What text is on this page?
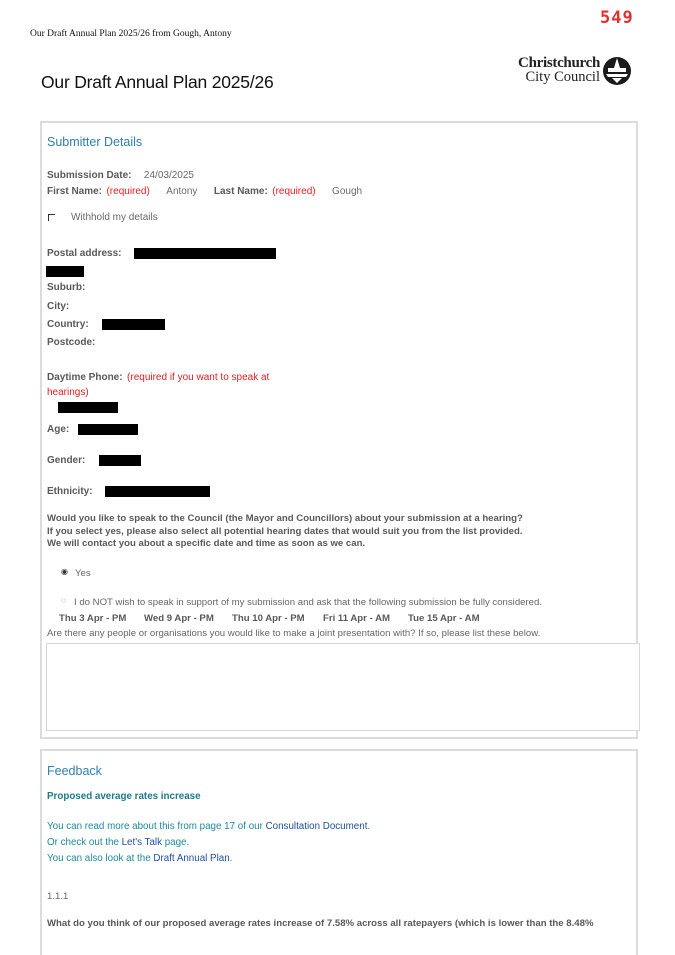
549
Our Draft Annual Plan 2025/26 from Gough, Antony
Our Draft Annual Plan 2025/26
Christchurch
City Council
Submitter Details
Submission Date: 24/03/2025
First Name: (required) Antony Last Name: (required) Gough
Withhold my details
Postal address:
Suburb:
City:
Country:
Postcode:
Daytime Phone: (required if you want to speak at
hearings)
Age:
Gender:
Ethnicity:
Would you like to speak to the Council (the Mayor and Councillors) about your submission at a hearing?
If you select yes, please also select all potential hearing dates that would suit you from the list provided.
We will contact you about a specific date and time as soon as we can.
◉ Yes
◌ I do NOT wish to speak in support of my submission and ask that the following submission be fully considered.
Thu 3 Apr - PM Wed 9 Apr - PM Thu 10 Apr - PM Fri 11 Apr - AM Tue 15 Apr - AM
Are there any people or organisations you would like to make a joint presentation with? If so, please list these below.
Feedback
Proposed average rates increase
You can read more about this from page 17 of our Consultation Document.
Or check out the Let's Talk page.
You can also look at the Draft Annual Plan.
1.1.1
What do you think of our proposed average rates increase of 7.58% across all ratepayers (which is lower than the 8.48%
